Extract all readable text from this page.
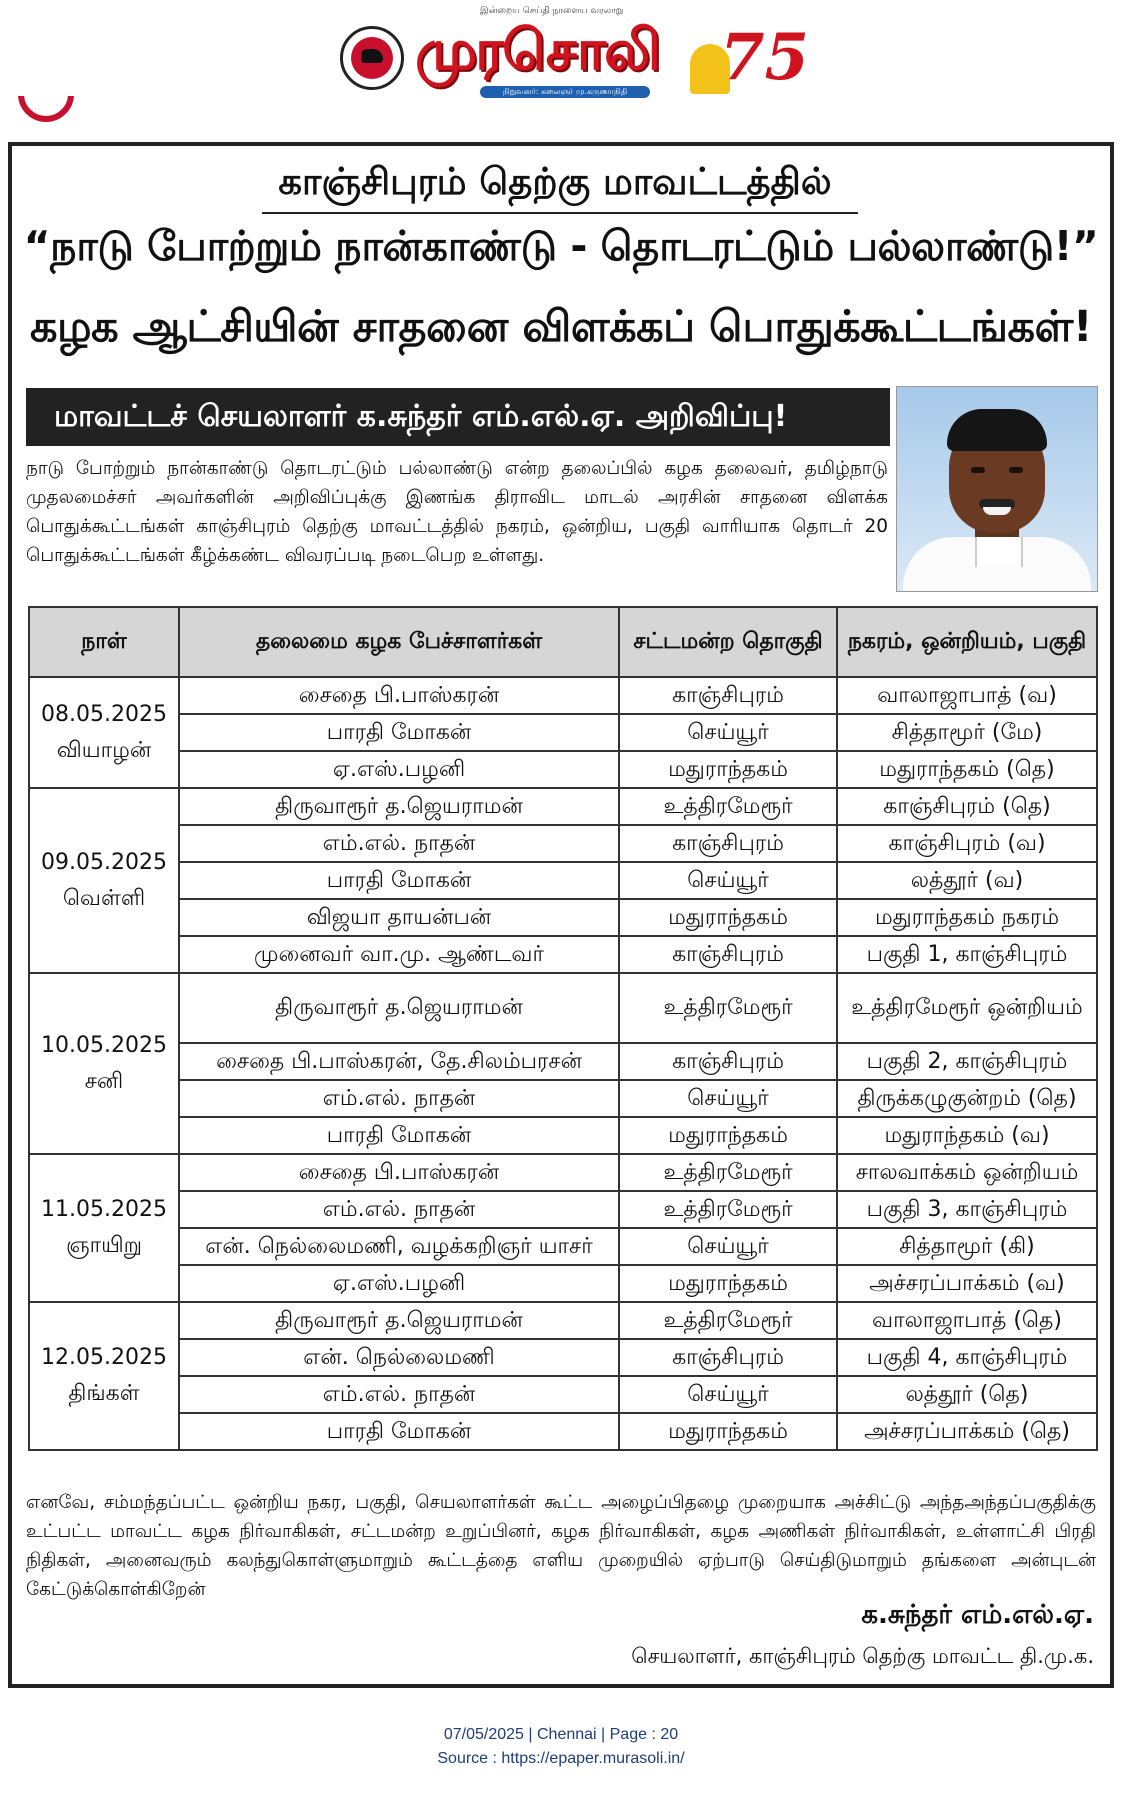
இன்றைய செய்தி நாளைய வரலாறு
முரசொலி
நிறுவனர்: கலைஞர் மு.கருணாநிதி	75
காஞ்சிபுரம் தெற்கு மாவட்டத்தில்
“நாடு போற்றும் நான்காண்டு - தொடரட்டும் பல்லாண்டு!”
கழக ஆட்சியின் சாதனை விளக்கப் பொதுக்கூட்டங்கள்!
மாவட்டச் செயலாளர் க.சுந்தர் எம்.எல்.ஏ. அறிவிப்பு!
நாடு போற்றும் நான்காண்டு தொடரட்டும் பல்லாண்டு என்ற தலைப்பில் கழக தலைவர், தமிழ்நாடு முதலமைச்சர் அவர்களின் அறிவிப்புக்கு இணங்க திராவிட மாடல் அரசின் சாதனை விளக்க பொதுக்கூட்டங்கள் காஞ்சிபுரம் தெற்கு மாவட்டத்தில் நகரம், ஒன்றிய, பகுதி வாரியாக தொடர் 20 பொதுக்கூட்டங்கள் கீழ்க்கண்ட விவரப்படி நடைபெற உள்ளது.
நாள்	தலைமை கழக பேச்சாளர்கள்	சட்டமன்ற தொகுதி	நகரம், ஒன்றியம், பகுதி

08.05.2025
வியாழன்	சைதை பி.பாஸ்கரன்	காஞ்சிபுரம்	வாலாஜாபாத் (வ)
	பாரதி மோகன்	செய்யூர்	சித்தாமூர் (மே)
	ஏ.எஸ்.பழனி	மதுராந்தகம்	மதுராந்தகம் (தெ)

09.05.2025
வெள்ளி	திருவாரூர் த.ஜெயராமன்	உத்திரமேரூர்	காஞ்சிபுரம் (தெ)
	எம்.எல். நாதன்	காஞ்சிபுரம்	காஞ்சிபுரம் (வ)
	பாரதி மோகன்	செய்யூர்	லத்தூர் (வ)
	விஜயா தாயன்பன்	மதுராந்தகம்	மதுராந்தகம் நகரம்
	முனைவர் வா.மு. ஆண்டவர்	காஞ்சிபுரம்	பகுதி 1, காஞ்சிபுரம்

10.05.2025
சனி	திருவாரூர் த.ஜெயராமன்	உத்திரமேரூர்	உத்திரமேரூர் ஒன்றியம்
	சைதை பி.பாஸ்கரன், தே.சிலம்பரசன்	காஞ்சிபுரம்	பகுதி 2, காஞ்சிபுரம்
	எம்.எல். நாதன்	செய்யூர்	திருக்கழுகுன்றம் (தெ)
	பாரதி மோகன்	மதுராந்தகம்	மதுராந்தகம் (வ)

11.05.2025
ஞாயிறு	சைதை பி.பாஸ்கரன்	உத்திரமேரூர்	சாலவாக்கம் ஒன்றியம்
	எம்.எல். நாதன்	உத்திரமேரூர்	பகுதி 3, காஞ்சிபுரம்
	என். நெல்லைமணி, வழக்கறிஞர் யாசர்	செய்யூர்	சித்தாமூர் (கி)
	ஏ.எஸ்.பழனி	மதுராந்தகம்	அச்சரப்பாக்கம் (வ)

12.05.2025
திங்கள்	திருவாரூர் த.ஜெயராமன்	உத்திரமேரூர்	வாலாஜாபாத் (தெ)
	என். நெல்லைமணி	காஞ்சிபுரம்	பகுதி 4, காஞ்சிபுரம்
	எம்.எல். நாதன்	செய்யூர்	லத்தூர் (தெ)
	பாரதி மோகன்	மதுராந்தகம்	அச்சரப்பாக்கம் (தெ)
எனவே, சம்மந்தப்பட்ட ஒன்றிய நகர, பகுதி, செயலாளர்கள் கூட்ட அழைப்பிதழை முறையாக அச்சிட்டு அந்தஅந்தப்பகுதிக்கு உட்பட்ட மாவட்ட கழக நிர்வாகிகள், சட்டமன்ற உறுப்பினர், கழக நிர்வாகிகள், கழக அணிகள் நிர்வாகிகள், உள்ளாட்சி பிரதி நிதிகள், அனைவரும் கலந்துகொள்ளுமாறும் கூட்டத்தை எளிய முறையில் ஏற்பாடு செய்திடுமாறும் தங்களை அன்புடன் கேட்டுக்கொள்கிறேன்
க.சுந்தர் எம்.எல்.ஏ.
செயலாளர், காஞ்சிபுரம் தெற்கு மாவட்ட தி.மு.க.
07/05/2025 | Chennai | Page : 20
Source : https://epaper.murasoli.in/
